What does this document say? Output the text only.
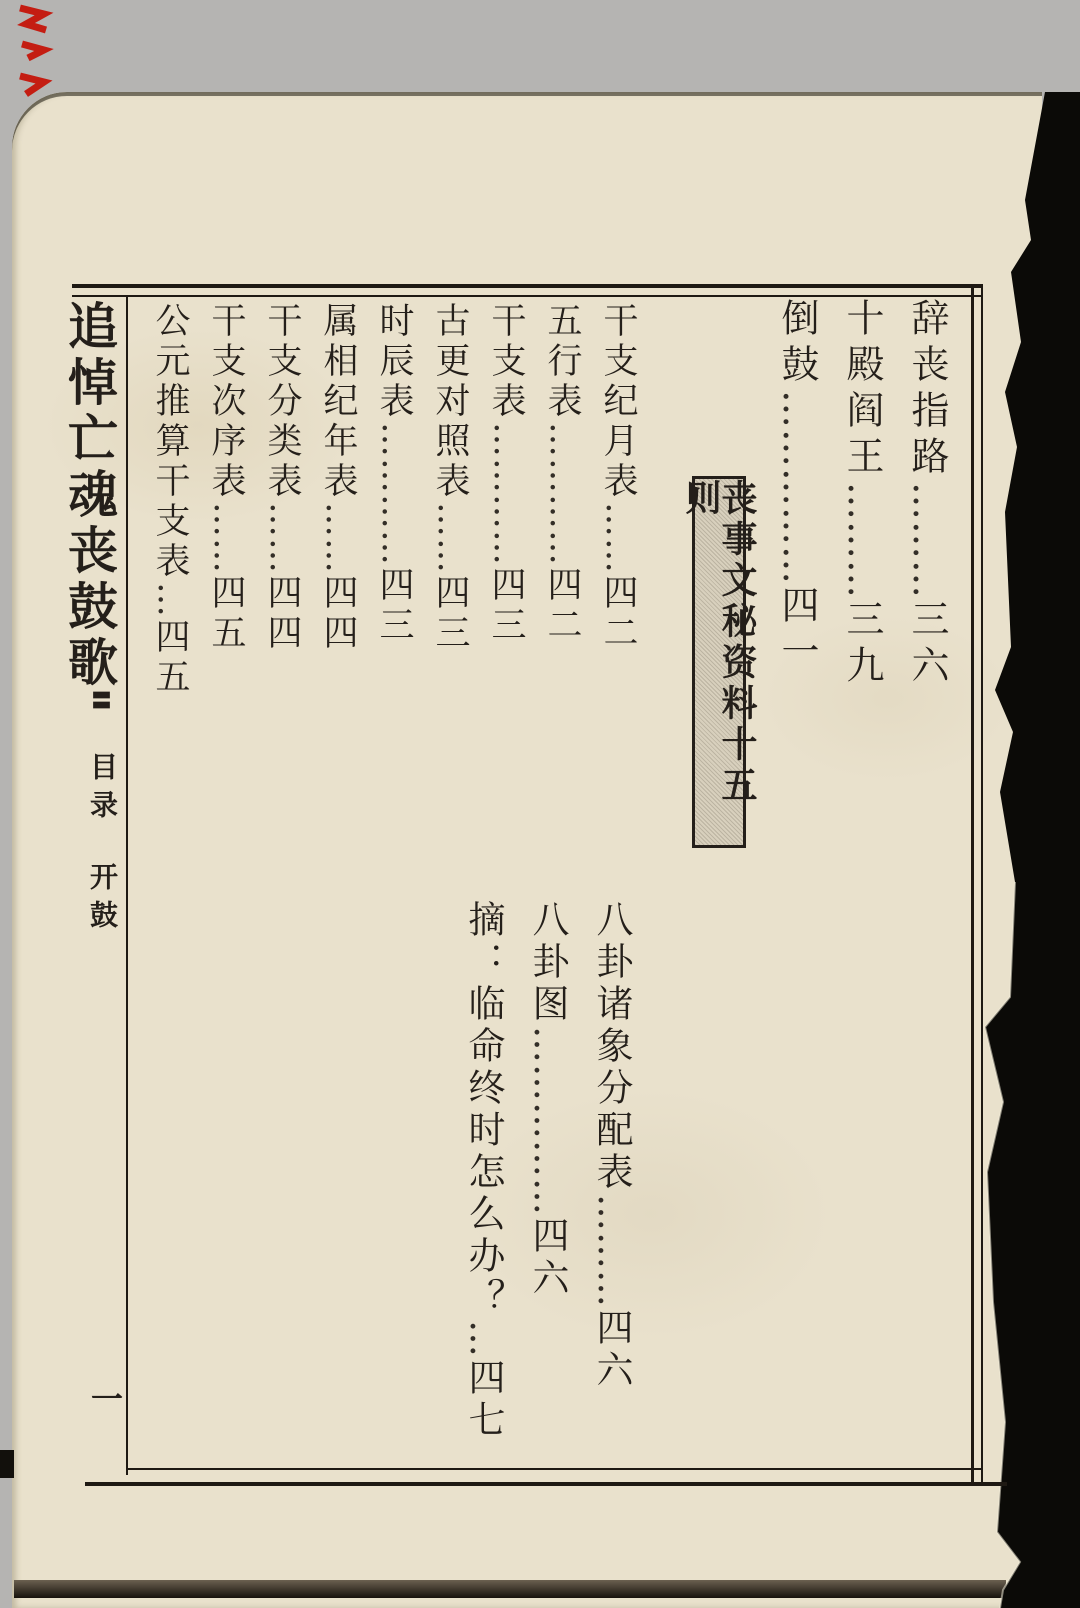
追悼亡魂丧鼓歌
〓
目录
开鼓
一
辞丧指路………三六
十殿阎王………三九
倒鼓……………四一
丧事文秘资料十五则
干支纪月表……四二
五行表…………四二
干支表…………四三
古更对照表……四三
时辰表…………四三
属相纪年表……四四
干支分类表……四四
干支次序表……四五
公元推算干支表…四五
八卦诸象分配表………四六
八卦图……………四六
摘：临命终时怎么办？…四七
